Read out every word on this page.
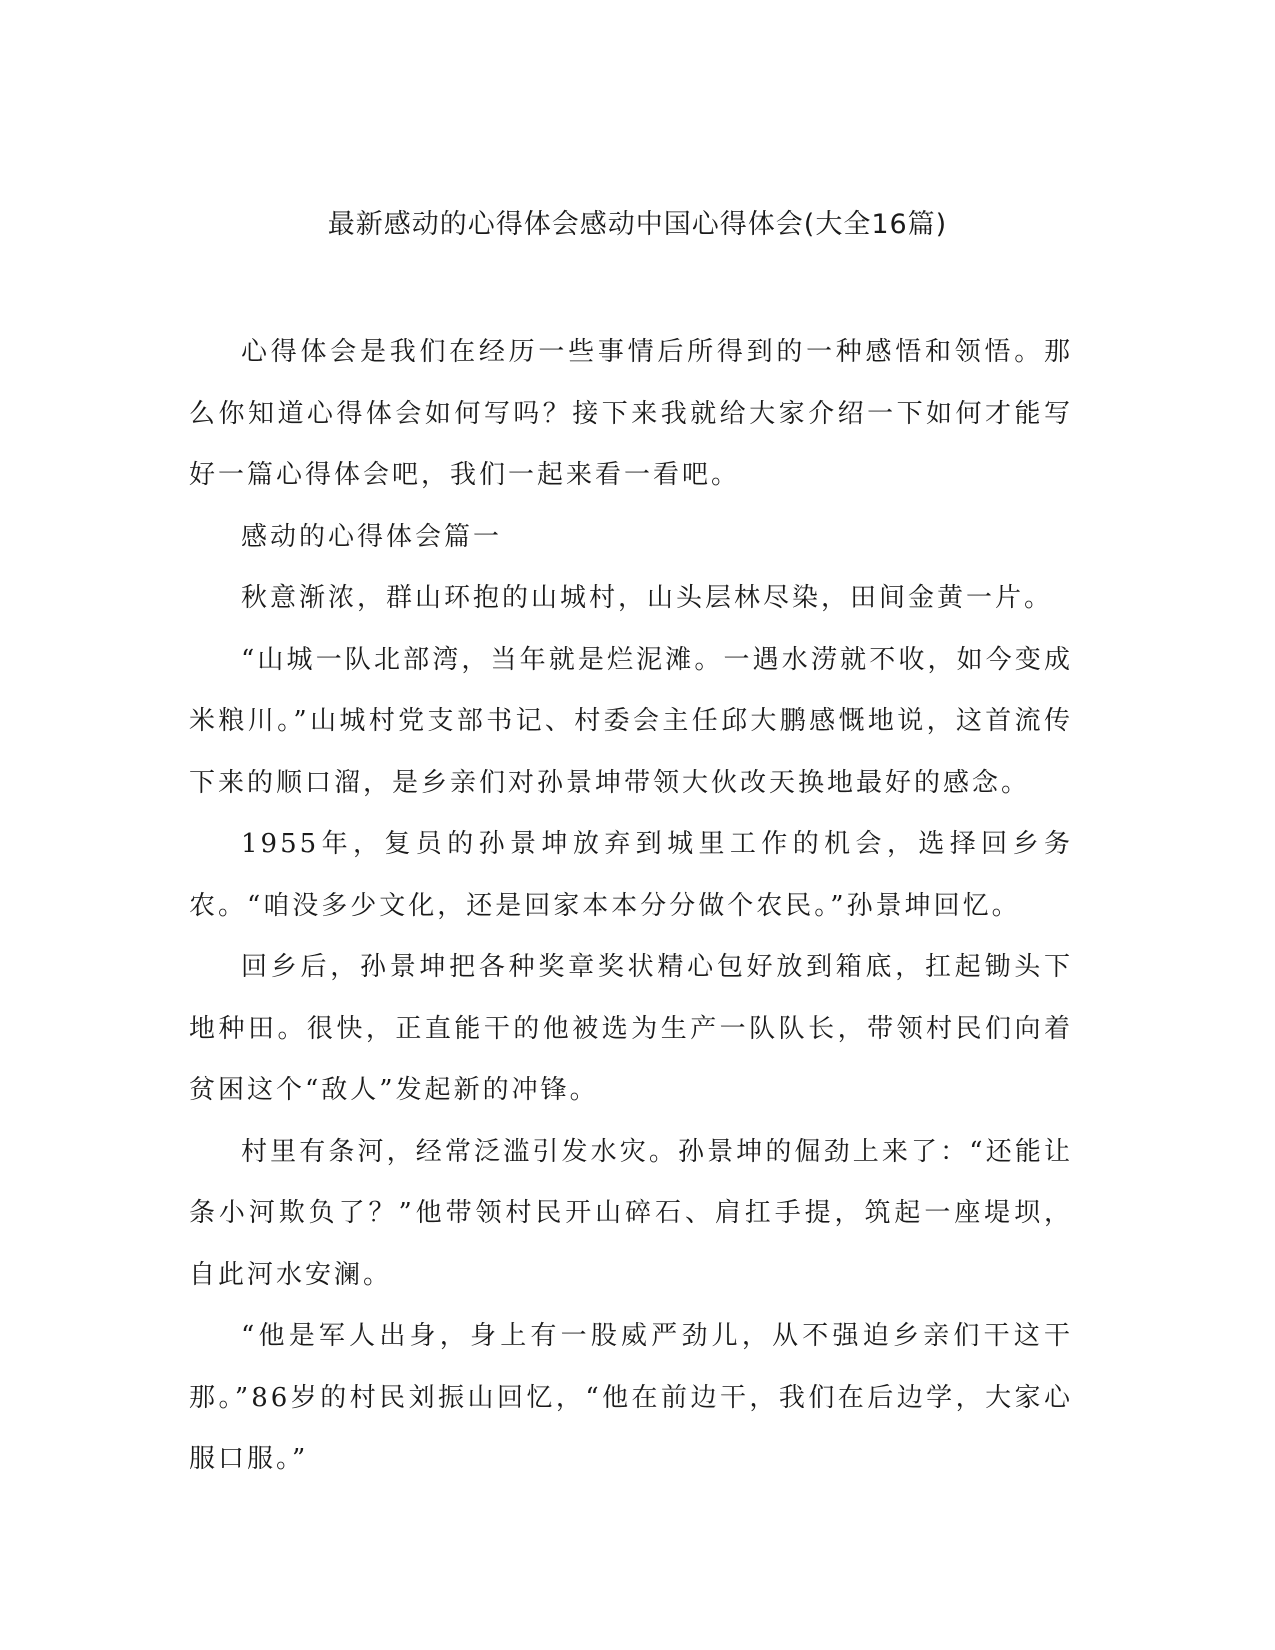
最新感动的心得体会感动中国心得体会(大全16篇)

心得体会是我们在经历一些事情后所得到的一种感悟和领悟。那么你知道心得体会如何写吗？接下来我就给大家介绍一下如何才能写好一篇心得体会吧，我们一起来看一看吧。

感动的心得体会篇一

秋意渐浓，群山环抱的山城村，山头层林尽染，田间金黄一片。

“山城一队北部湾，当年就是烂泥滩。一遇水涝就不收，如今变成米粮川。”山城村党支部书记、村委会主任邱大鹏感慨地说，这首流传下来的顺口溜，是乡亲们对孙景坤带领大伙改天换地最好的感念。

1955年，复员的孙景坤放弃到城里工作的机会，选择回乡务农。“咱没多少文化，还是回家本本分分做个农民。”孙景坤回忆。

回乡后，孙景坤把各种奖章奖状精心包好放到箱底，扛起锄头下地种田。很快，正直能干的他被选为生产一队队长，带领村民们向着贫困这个“敌人”发起新的冲锋。

村里有条河，经常泛滥引发水灾。孙景坤的倔劲上来了：“还能让条小河欺负了？”他带领村民开山碎石、肩扛手提，筑起一座堤坝，自此河水安澜。

“他是军人出身，身上有一股威严劲儿，从不强迫乡亲们干这干那。”86岁的村民刘振山回忆，“他在前边干，我们在后边学，大家心服口服。”
